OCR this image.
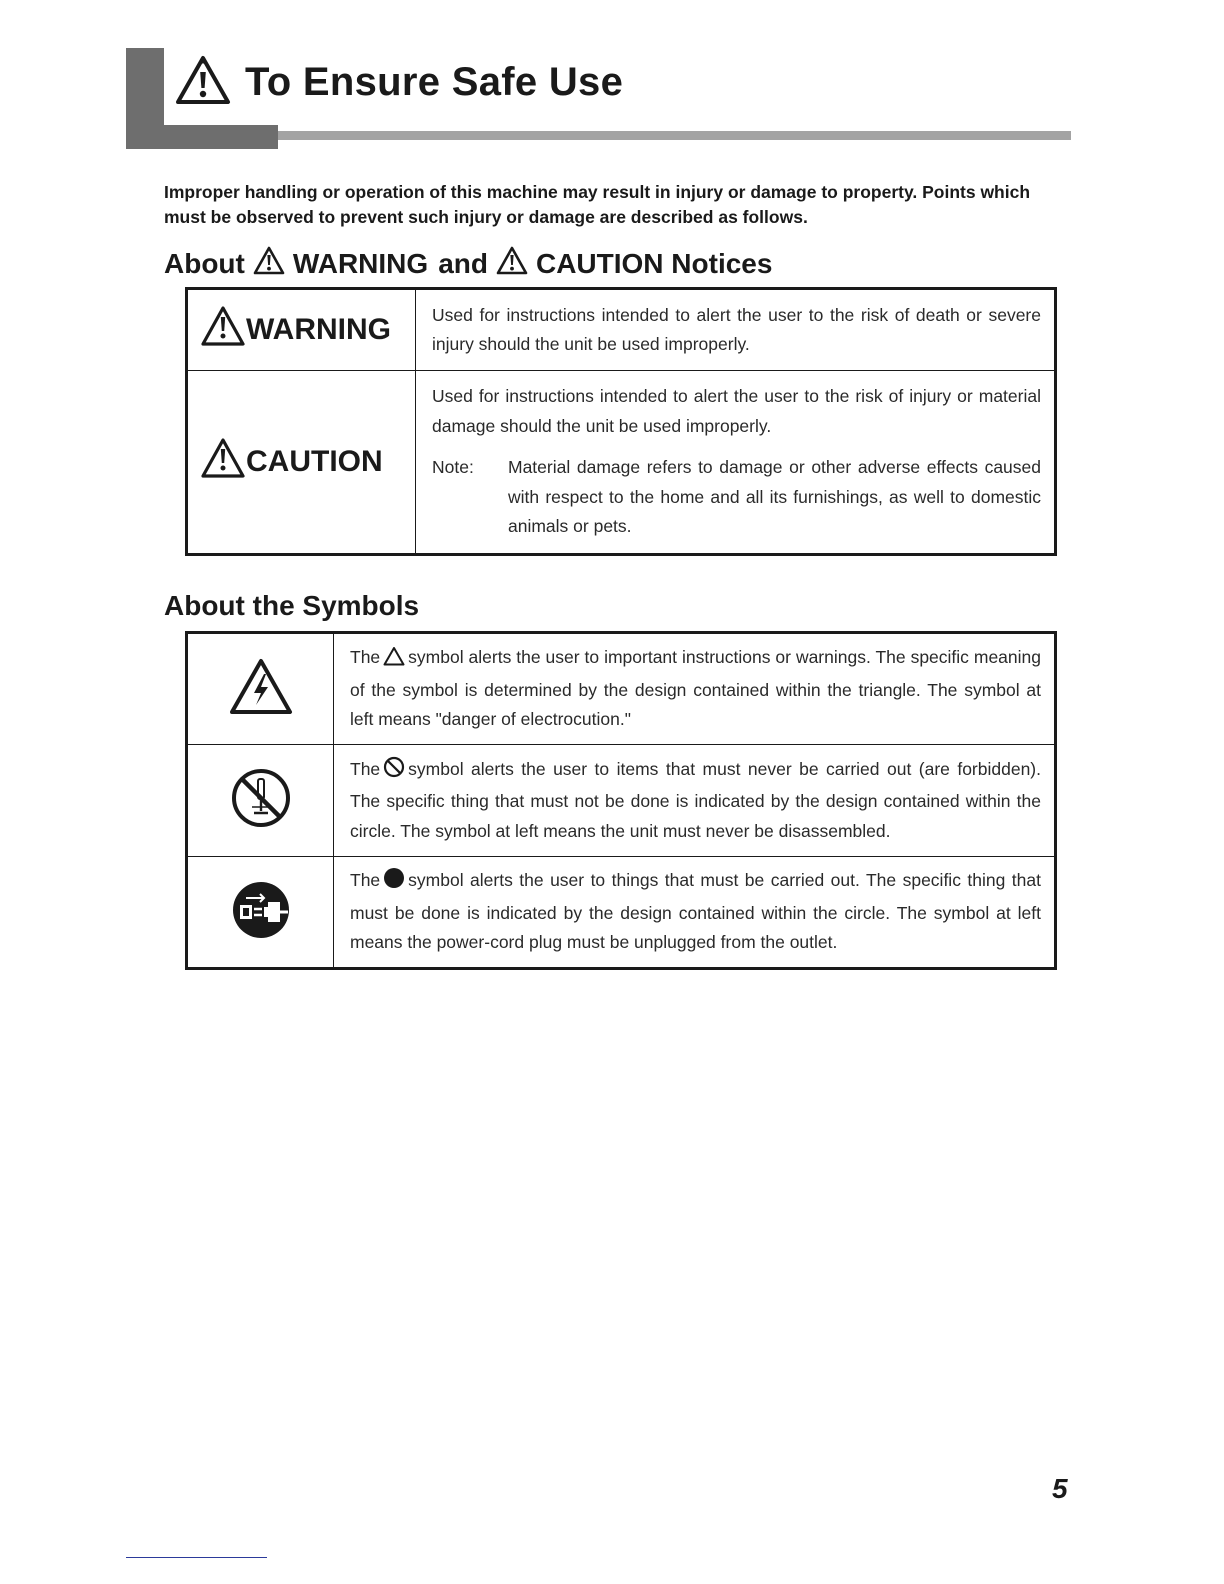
To Ensure Safe Use

Improper handling or operation of this machine may result in injury or damage to property. Points which must be observed to prevent such injury or damage are described as follows.

About WARNING and CAUTION Notices
WARNING	Used for instructions intended to alert the user to the risk of death or severe injury should the unit be used improperly.

CAUTION	Used for instructions intended to alert the user to the risk of injury or material damage should the unit be used improperly.
Note: Material damage refers to damage or other adverse effects caused with respect to the home and all its furnishings, as well to domestic animals or pets.
About the Symbols
	The symbol alerts the user to important instructions or warnings. The specific meaning of the symbol is determined by the design contained within the triangle. The symbol at left means "danger of electrocution."
	The symbol alerts the user to items that must never be carried out (are forbidden). The specific thing that must not be done is indicated by the design contained within the circle. The symbol at left means the unit must never be disassembled.
	The symbol alerts the user to things that must be carried out. The specific thing that must be done is indicated by the design contained within the circle. The symbol at left means the power-cord plug must be unplugged from the outlet.
5
